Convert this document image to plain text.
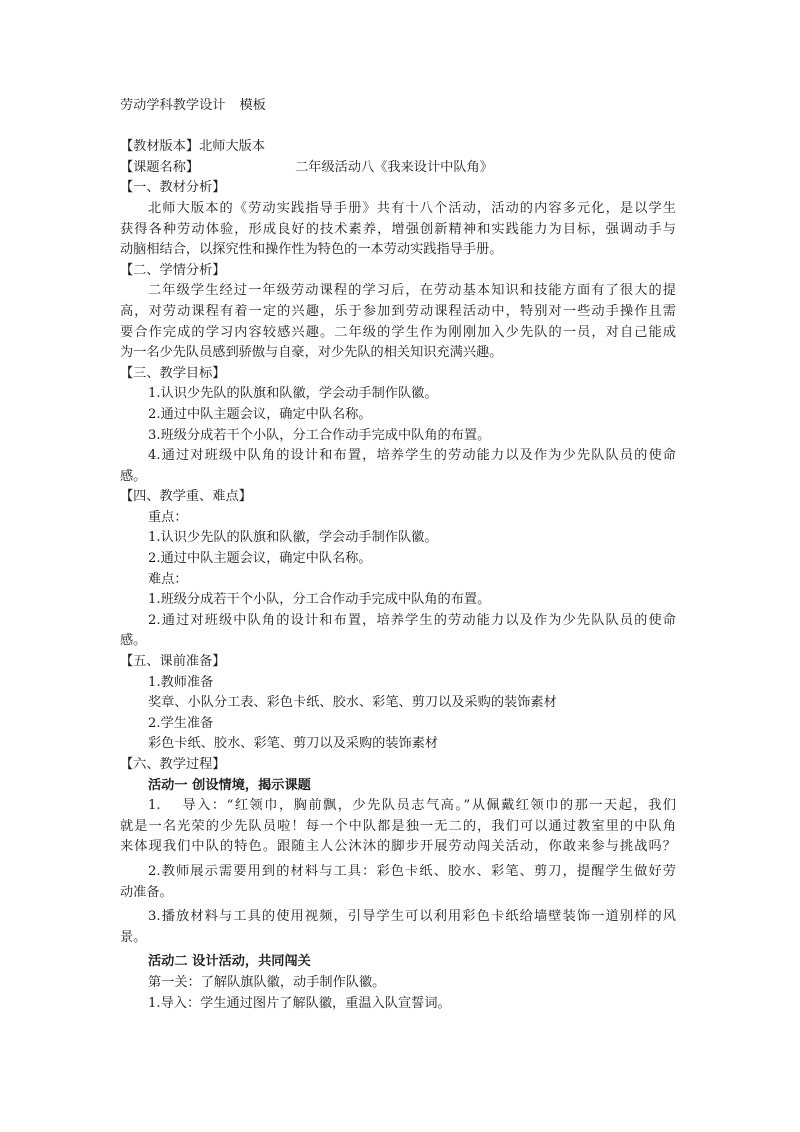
劳动学科教学设计 模板
【教材版本】北师大版本
【课题名称】	二年级活动八《我来设计中队角》
【一、教材分析】
北师大版本的《劳动实践指导手册》共有十八个活动，活动的内容多元化，是以学生
获得各种劳动体验，形成良好的技术素养，增强创新精神和实践能力为目标，强调动手与
动脑相结合，以探究性和操作性为特色的一本劳动实践指导手册。
【二、学情分析】
二年级学生经过一年级劳动课程的学习后，在劳动基本知识和技能方面有了很大的提
高，对劳动课程有着一定的兴趣，乐于参加到劳动课程活动中，特别对一些动手操作且需
要合作完成的学习内容较感兴趣。二年级的学生作为刚刚加入少先队的一员，对自己能成
为一名少先队员感到骄傲与自豪，对少先队的相关知识充满兴趣。
【三、教学目标】
1.认识少先队的队旗和队徽，学会动手制作队徽。
2.通过中队主题会议，确定中队名称。
3.班级分成若干个小队，分工合作动手完成中队角的布置。
4.通过对班级中队角的设计和布置，培养学生的劳动能力以及作为少先队队员的使命
感。
【四、教学重、难点】
重点：
1.认识少先队的队旗和队徽，学会动手制作队徽。
2.通过中队主题会议，确定中队名称。
难点：
1.班级分成若干个小队，分工合作动手完成中队角的布置。
2.通过对班级中队角的设计和布置，培养学生的劳动能力以及作为少先队队员的使命
感。
【五、课前准备】
1.教师准备
奖章、小队分工表、彩色卡纸、胶水、彩笔、剪刀以及采购的装饰素材
2.学生准备
彩色卡纸、胶水、彩笔、剪刀以及采购的装饰素材
【六、教学过程】
活动一 创设情境，揭示课题
1.　 导入：“红领巾，胸前飘，少先队员志气高。”从佩戴红领巾的那一天起，我们
就是一名光荣的少先队员啦！每一个中队都是独一无二的，我们可以通过教室里的中队角
来体现我们中队的特色。跟随主人公沐沐的脚步开展劳动闯关活动，你敢来参与挑战吗？
2.教师展示需要用到的材料与工具：彩色卡纸、胶水、彩笔、剪刀，提醒学生做好劳
动准备。
3.播放材料与工具的使用视频，引导学生可以利用彩色卡纸给墙壁装饰一道别样的风
景。
活动二 设计活动，共同闯关
第一关：了解队旗队徽，动手制作队徽。
1.导入：学生通过图片了解队徽，重温入队宣誓词。
